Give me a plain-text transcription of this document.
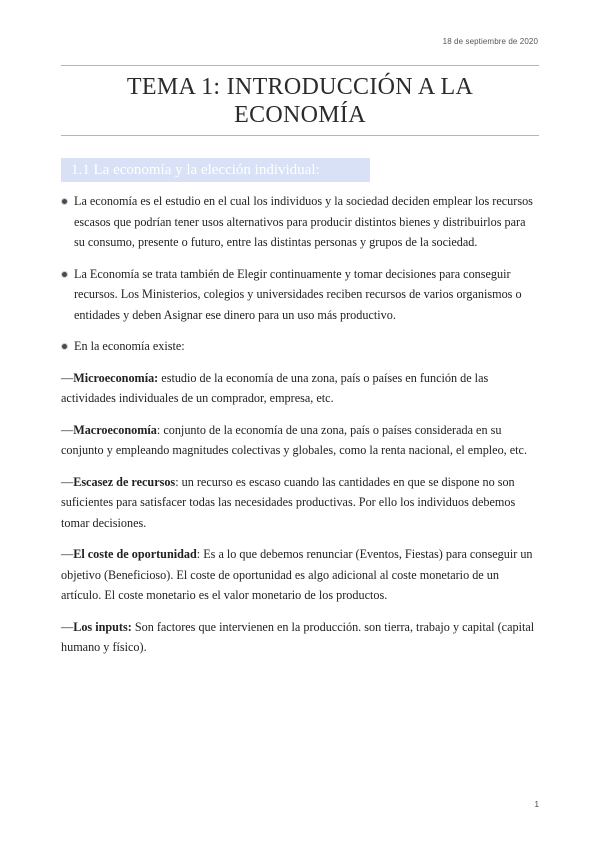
18 de septiembre de 2020
TEMA 1: INTRODUCCIÓN A LA ECONOMÍA
1.1 La economía y la elección individual:
La economía es el estudio en el cual los individuos y la sociedad deciden emplear los recursos escasos que podrían tener usos alternativos para producir distintos bienes y distribuirlos para su consumo, presente o futuro, entre las distintas personas y grupos de la sociedad.
La Economía se trata también de Elegir continuamente y tomar decisiones para conseguir recursos. Los Ministerios, colegios y universidades reciben recursos de varios organismos o entidades y deben Asignar ese dinero para un uso más productivo.
En la economía existe:

—Microeconomía: estudio de la economía de una zona, país o países en función de las actividades individuales de un comprador, empresa, etc.

—Macroeconomía: conjunto de la economía de una zona, país o países considerada en su conjunto y empleando magnitudes colectivas y globales, como la renta nacional, el empleo, etc.

—Escasez de recursos: un recurso es escaso cuando las cantidades en que se dispone no son suficientes para satisfacer todas las necesidades productivas. Por ello los individuos debemos tomar decisiones.

—El coste de oportunidad: Es a lo que debemos renunciar (Eventos, Fiestas) para conseguir un objetivo (Beneficioso). El coste de oportunidad es algo adicional al coste monetario de un artículo. El coste monetario es el valor monetario de los productos.

—Los inputs: Son factores que intervienen en la producción. son tierra, trabajo y capital (capital humano y físico).

1
